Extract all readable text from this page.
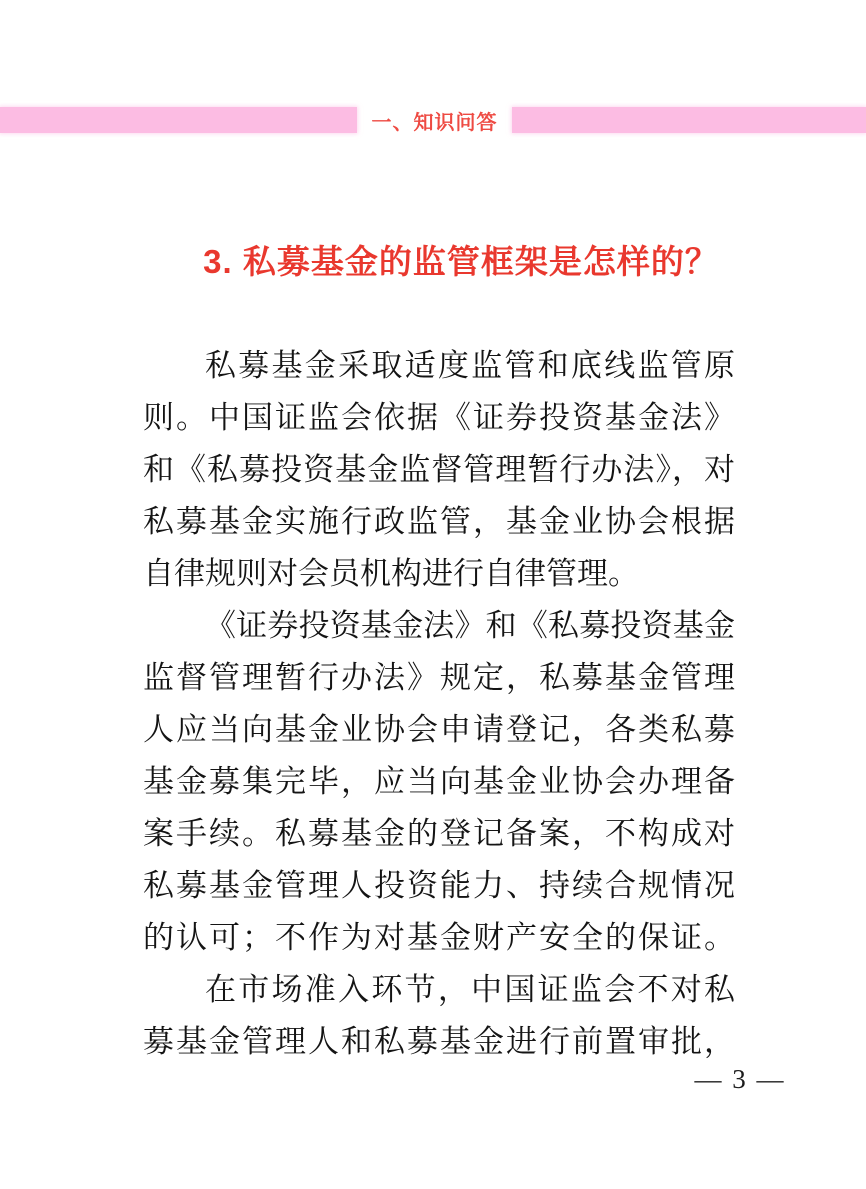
一、知识问答
3. 私募基金的监管框架是怎样的？
私募基金采取适度监管和底线监管原
则。中国证监会依据《证券投资基金法》
和《私募投资基金监督管理暂行办法》，对
私募基金实施行政监管，基金业协会根据
自律规则对会员机构进行自律管理。
《证券投资基金法》和《私募投资基金
监督管理暂行办法》规定，私募基金管理
人应当向基金业协会申请登记，各类私募
基金募集完毕，应当向基金业协会办理备
案手续。私募基金的登记备案，不构成对
私募基金管理人投资能力、持续合规情况
的认可；不作为对基金财产安全的保证。
在市场准入环节，中国证监会不对私
募基金管理人和私募基金进行前置审批，
— 3 —
